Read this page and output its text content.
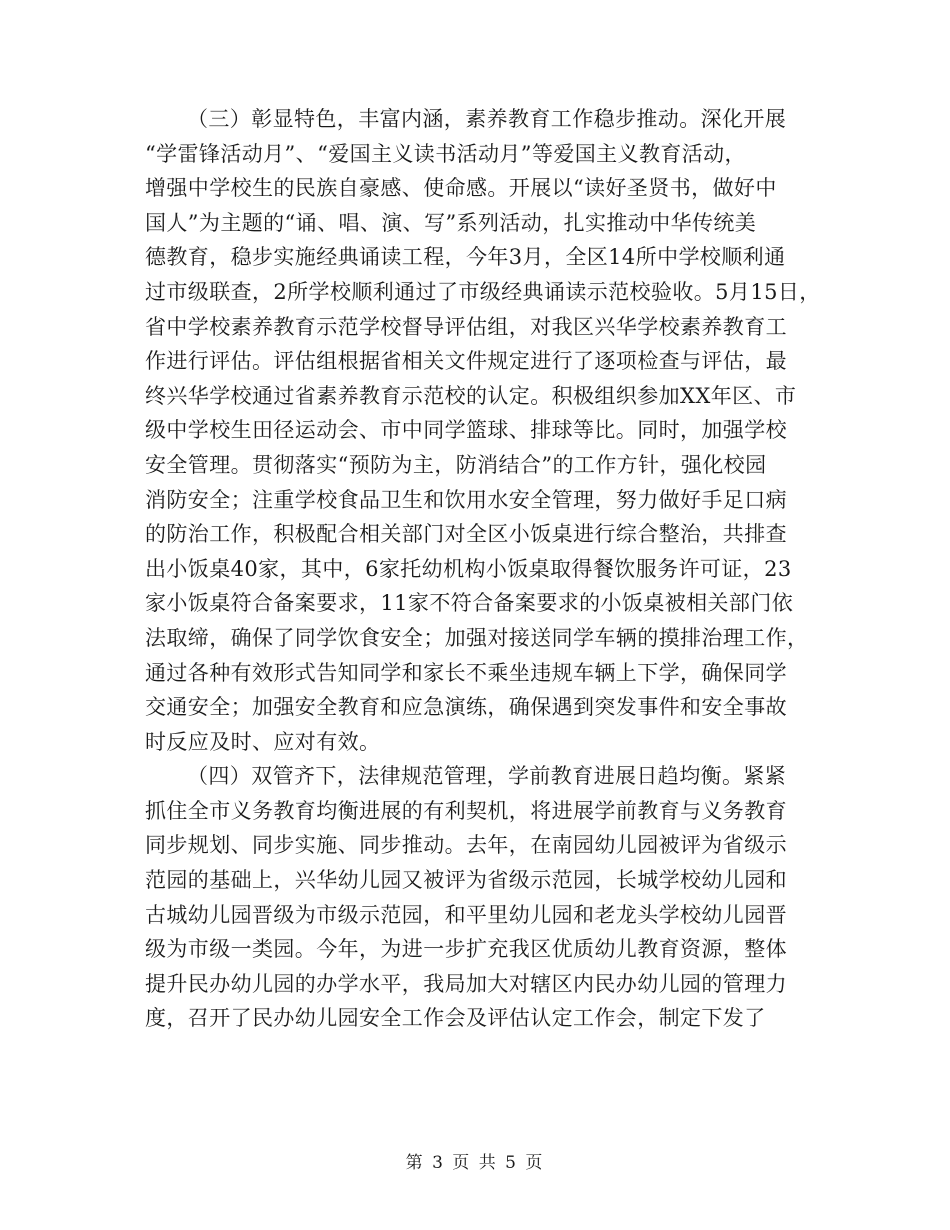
（三）彰显特色，丰富内涵，素养教育工作稳步推动。深化开展
“学雷锋活动月”、“爱国主义读书活动月”等爱国主义教育活动，
增强中学校生的民族自豪感、使命感。开展以“读好圣贤书，做好中
国人”为主题的“诵、唱、演、写”系列活动，扎实推动中华传统美
德教育，稳步实施经典诵读工程，今年3月，全区14所中学校顺利通
过市级联查，2所学校顺利通过了市级经典诵读示范校验收。5月15日，
省中学校素养教育示范学校督导评估组，对我区兴华学校素养教育工
作进行评估。评估组根据省相关文件规定进行了逐项检查与评估，最
终兴华学校通过省素养教育示范校的认定。积极组织参加XX年区、市
级中学校生田径运动会、市中同学篮球、排球等比。同时，加强学校
安全管理。贯彻落实“预防为主，防消结合”的工作方针，强化校园
消防安全；注重学校食品卫生和饮用水安全管理，努力做好手足口病
的防治工作，积极配合相关部门对全区小饭桌进行综合整治，共排查
出小饭桌40家，其中，6家托幼机构小饭桌取得餐饮服务许可证，23
家小饭桌符合备案要求，11家不符合备案要求的小饭桌被相关部门依
法取缔，确保了同学饮食安全；加强对接送同学车辆的摸排治理工作，
通过各种有效形式告知同学和家长不乘坐违规车辆上下学，确保同学
交通安全；加强安全教育和应急演练，确保遇到突发事件和安全事故
时反应及时、应对有效。
（四）双管齐下，法律规范管理，学前教育进展日趋均衡。紧紧
抓住全市义务教育均衡进展的有利契机，将进展学前教育与义务教育
同步规划、同步实施、同步推动。去年，在南园幼儿园被评为省级示
范园的基础上，兴华幼儿园又被评为省级示范园，长城学校幼儿园和
古城幼儿园晋级为市级示范园，和平里幼儿园和老龙头学校幼儿园晋
级为市级一类园。今年，为进一步扩充我区优质幼儿教育资源，整体
提升民办幼儿园的办学水平，我局加大对辖区内民办幼儿园的管理力
度，召开了民办幼儿园安全工作会及评估认定工作会，制定下发了
第 3 页 共 5 页
